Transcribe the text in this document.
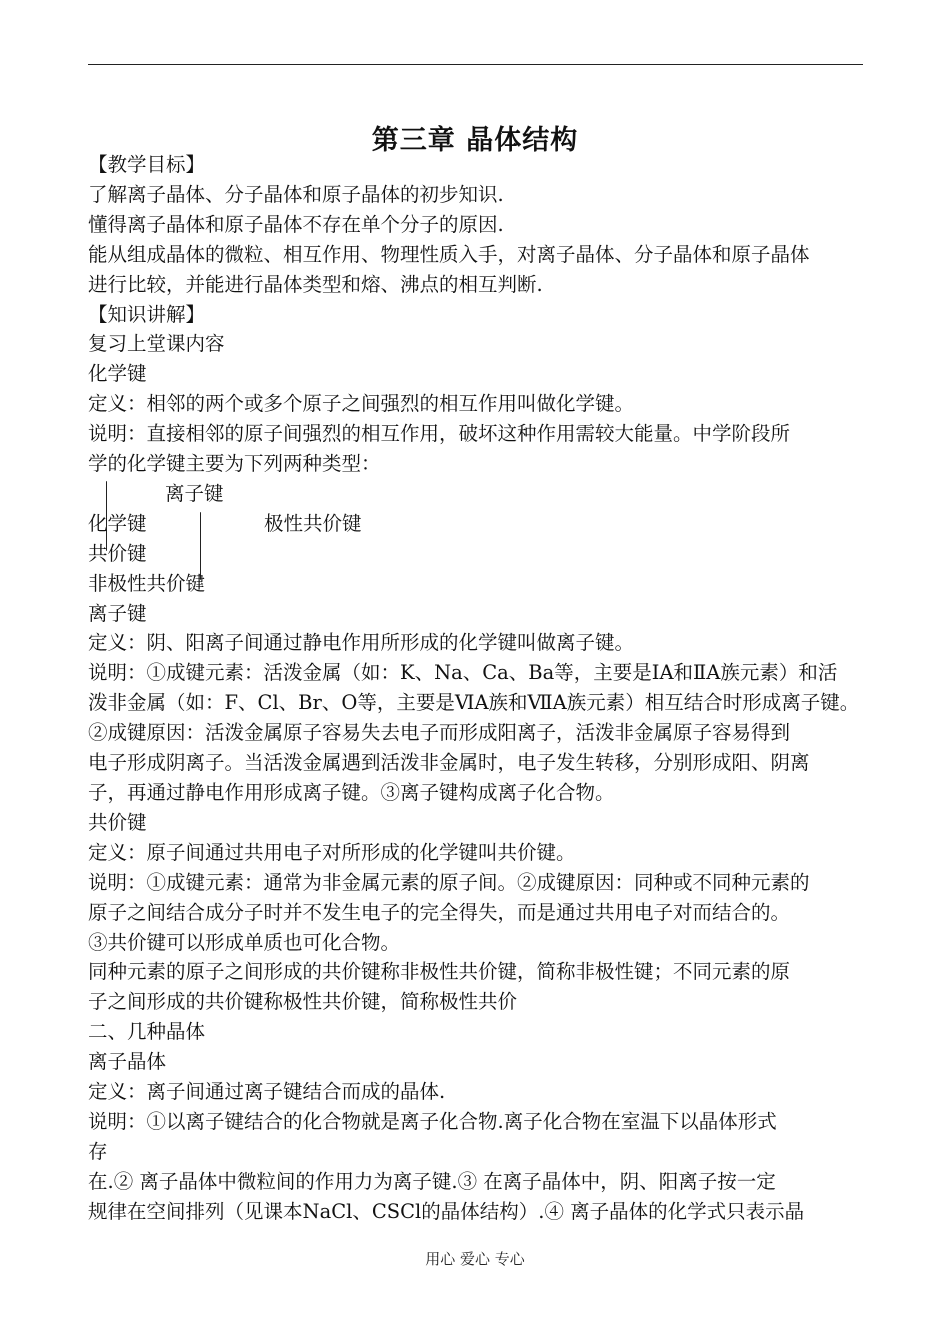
第三章 晶体结构

【教学目标】

了解离子晶体、分子晶体和原子晶体的初步知识.

懂得离子晶体和原子晶体不存在单个分子的原因.

能从组成晶体的微粒、相互作用、物理性质入手，对离子晶体、分子晶体和原子晶体

进行比较，并能进行晶体类型和熔、沸点的相互判断.

【知识讲解】

复习上堂课内容

化学键

定义：相邻的两个或多个原子之间强烈的相互作用叫做化学键。

说明：直接相邻的原子间强烈的相互作用，破坏这种作用需较大能量。中学阶段所

学的化学键主要为下列两种类型：

离子键
化学键	极性共价键
共价键
非极性共价键

离子键

定义：阴、阳离子间通过静电作用所形成的化学键叫做离子键。

说明：①成键元素：活泼金属（如：K、Na、Ca、Ba等，主要是ⅠA和ⅡA族元素）和活

泼非金属（如：F、Cl、Br、O等，主要是ⅥA族和ⅦA族元素）相互结合时形成离子键。

②成键原因：活泼金属原子容易失去电子而形成阳离子，活泼非金属原子容易得到

电子形成阴离子。当活泼金属遇到活泼非金属时，电子发生转移，分别形成阳、阴离

子，再通过静电作用形成离子键。③离子键构成离子化合物。

共价键

定义：原子间通过共用电子对所形成的化学键叫共价键。

说明：①成键元素：通常为非金属元素的原子间。②成键原因：同种或不同种元素的

原子之间结合成分子时并不发生电子的完全得失，而是通过共用电子对而结合的。

③共价键可以形成单质也可化合物。

同种元素的原子之间形成的共价键称非极性共价键，简称非极性键；不同元素的原

子之间形成的共价键称极性共价键，简称极性共价

二、几种晶体

离子晶体

定义：离子间通过离子键结合而成的晶体.

说明：①以离子键结合的化合物就是离子化合物.离子化合物在室温下以晶体形式

存

在.② 离子晶体中微粒间的作用力为离子键.③ 在离子晶体中，阴、阳离子按一定

规律在空间排列（见课本NaCl、CSCl的晶体结构）.④ 离子晶体的化学式只表示晶

用心 爱心 专心
